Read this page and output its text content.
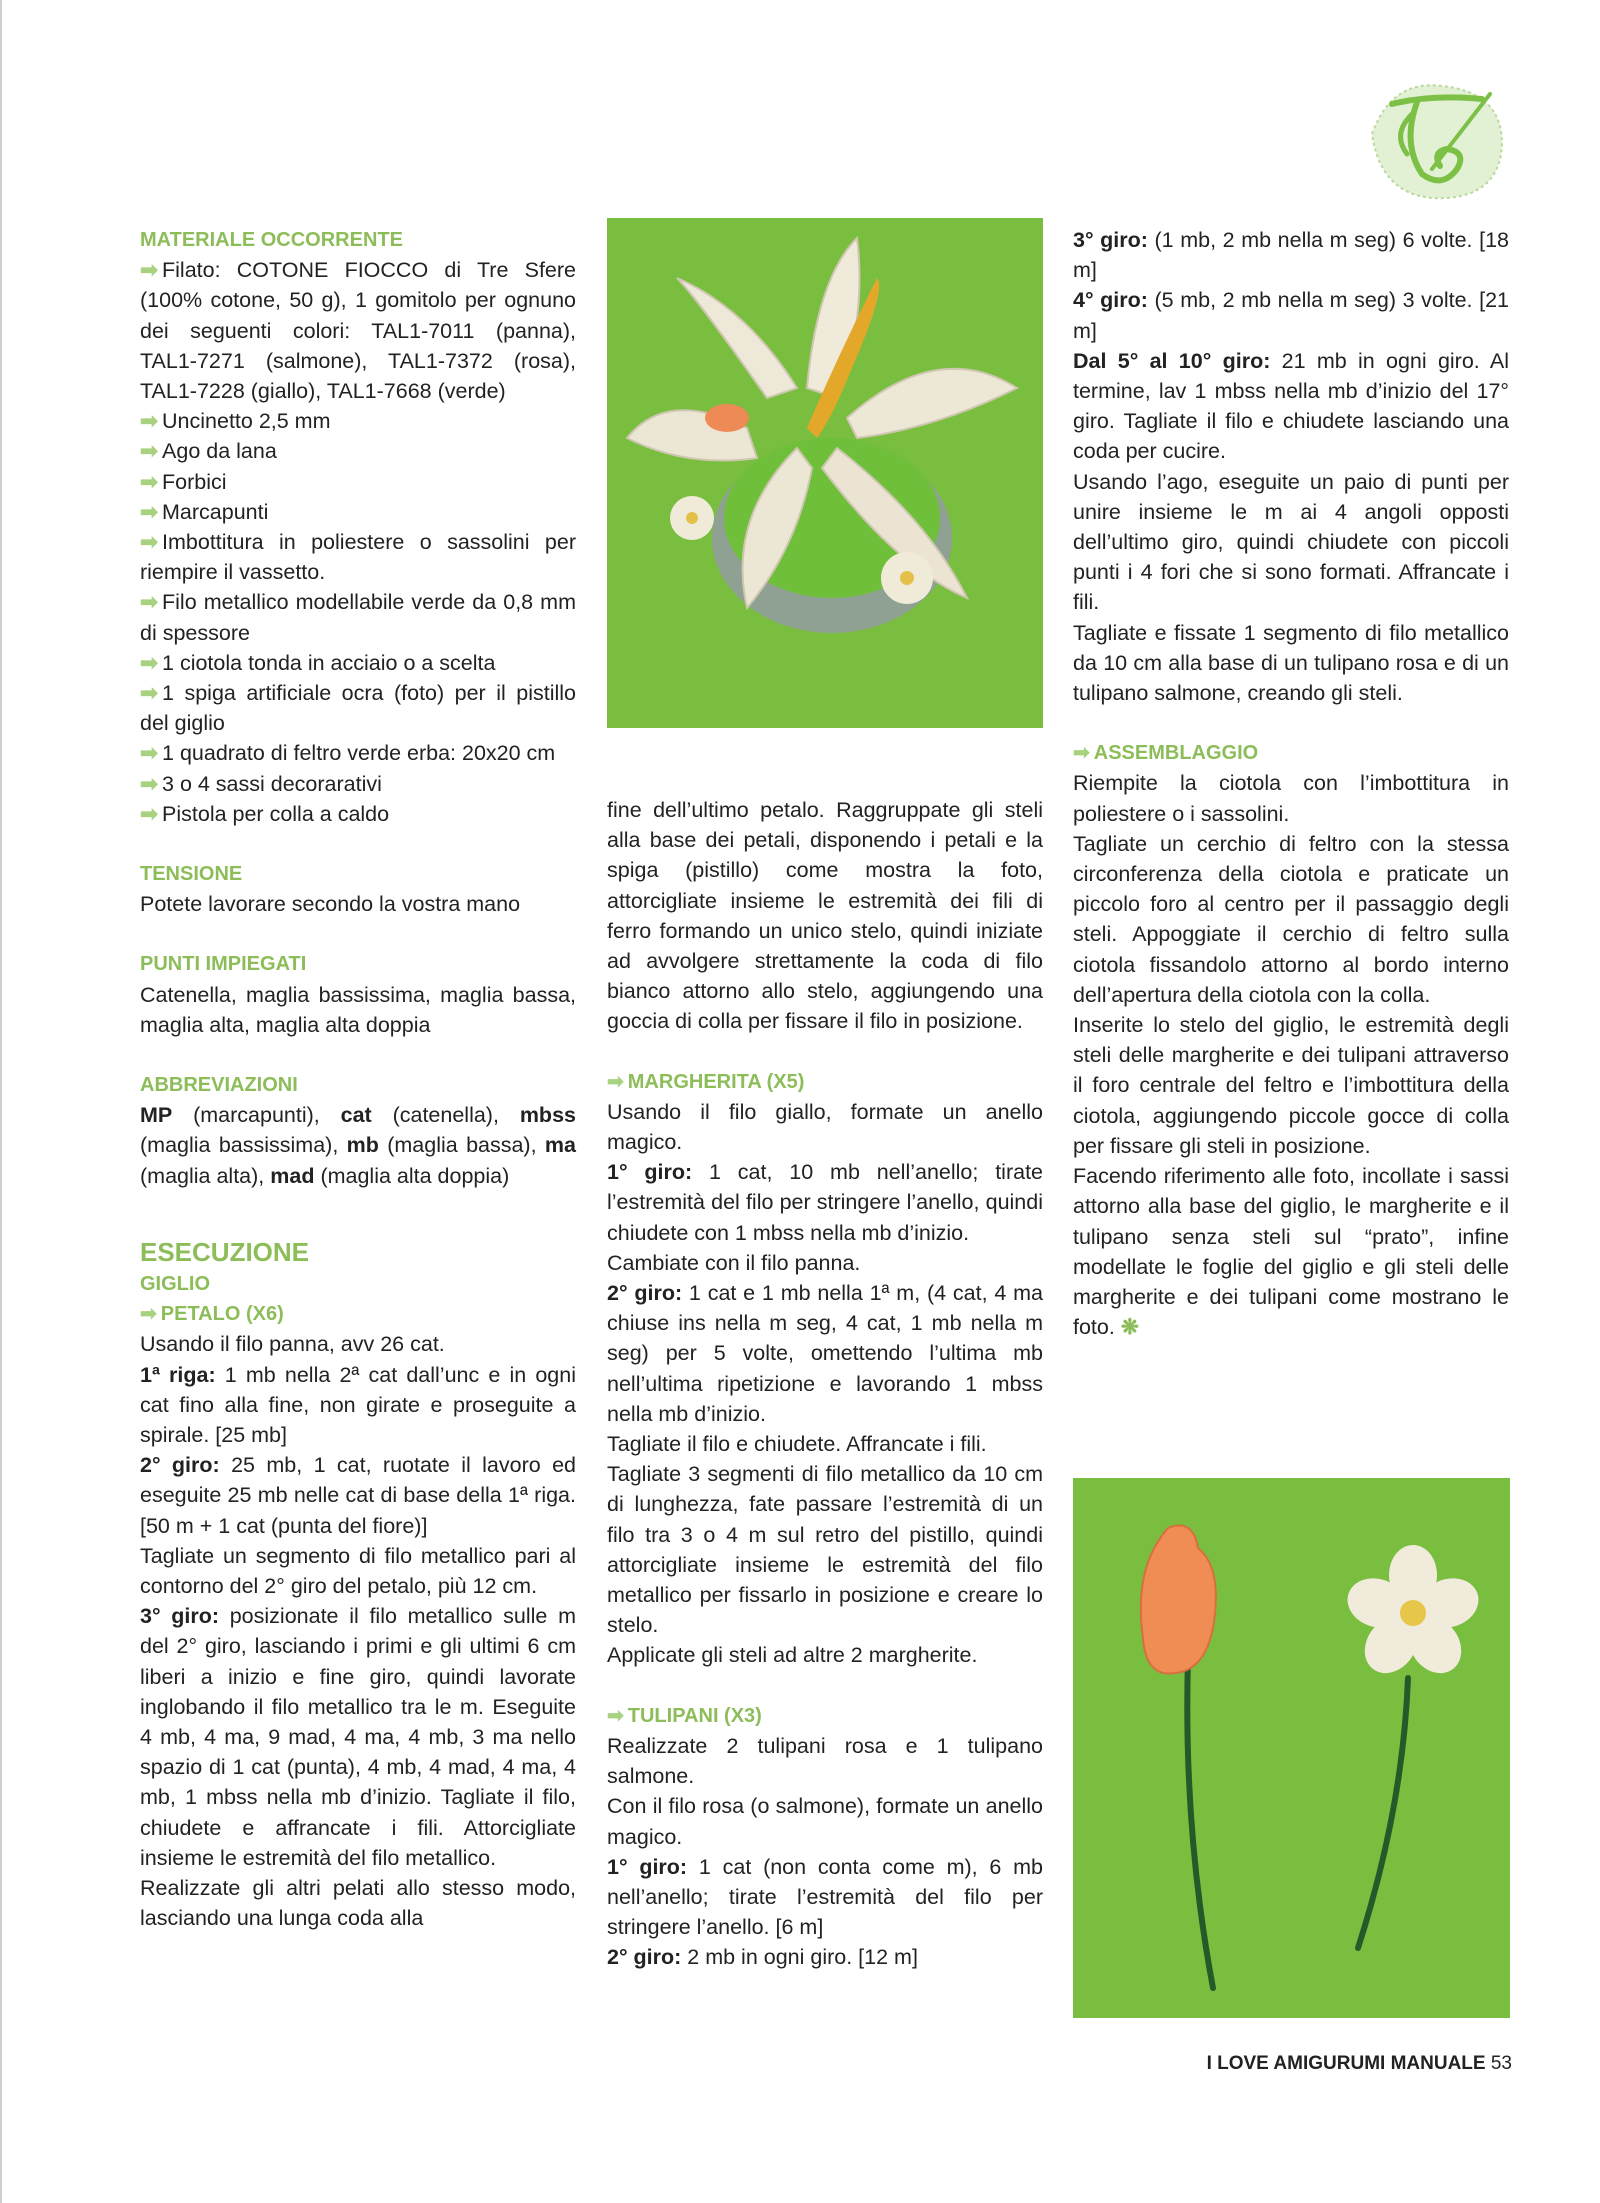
MATERIALE OCCORRENTE

➡ Filato: COTONE FIOCCO di Tre Sfere (100% cotone, 50 g), 1 gomitolo per ognuno dei seguenti colori: TAL1-7011 (panna), TAL1-7271 (salmone), TAL1-7372 (rosa), TAL1-7228 (giallo), TAL1-7668 (verde)

➡ Uncinetto 2,5 mm

➡ Ago da lana

➡ Forbici

➡ Marcapunti

➡ Imbottitura in poliestere o sassolini per riempire il vassetto.

➡ Filo metallico modellabile verde da 0,8 mm di spessore

➡ 1 ciotola tonda in acciaio o a scelta

➡ 1 spiga artificiale ocra (foto) per il pistillo del giglio

➡ 1 quadrato di feltro verde erba: 20x20 cm

➡ 3 o 4 sassi decorarativi

➡ Pistola per colla a caldo

TENSIONE

Potete lavorare secondo la vostra mano

PUNTI IMPIEGATI

Catenella, maglia bassissima, maglia bassa, maglia alta, maglia alta doppia

ABBREVIAZIONI

MP (marcapunti), cat (catenella), mbss (maglia bassissima), mb (maglia bassa), ma (maglia alta), mad (maglia alta doppia)

ESECUZIONE

GIGLIO

➡ PETALO (X6)

Usando il filo panna, avv 26 cat.

1ª riga: 1 mb nella 2ª cat dall’unc e in ogni cat fino alla fine, non girate e proseguite a spirale. [25 mb]

2° giro: 25 mb, 1 cat, ruotate il lavoro ed eseguite 25 mb nelle cat di base della 1ª riga. [50 m + 1 cat (punta del fiore)]

Tagliate un segmento di filo metallico pari al contorno del 2° giro del petalo, più 12 cm.

3° giro: posizionate il filo metallico sulle m del 2° giro, lasciando i primi e gli ultimi 6 cm liberi a inizio e fine giro, quindi lavorate inglobando il filo metallico tra le m. Eseguite 4 mb, 4 ma, 9 mad, 4 ma, 4 mb, 3 ma nello spazio di 1 cat (punta), 4 mb, 4 mad, 4 ma, 4 mb, 1 mbss nella mb d’inizio. Tagliate il filo, chiudete e affrancate i fili. Attorcigliate insieme le estremità del filo metallico.

Realizzate gli altri pelati allo stesso modo, lasciando una lunga coda alla

fine dell’ultimo petalo. Raggruppate gli steli alla base dei petali, disponendo i petali e la spiga (pistillo) come mostra la foto, attorcigliate insieme le estremità dei fili di ferro formando un unico stelo, quindi iniziate ad avvolgere strettamente la coda di filo bianco attorno allo stelo, aggiungendo una goccia di colla per fissare il filo in posizione.

➡ MARGHERITA (X5)

Usando il filo giallo, formate un anello magico.

1° giro: 1 cat, 10 mb nell’anello; tirate l’estremità del filo per stringere l’anello, quindi chiudete con 1 mbss nella mb d’inizio.

Cambiate con il filo panna.

2° giro: 1 cat e 1 mb nella 1ª m, (4 cat, 4 ma chiuse ins nella m seg, 4 cat, 1 mb nella m seg) per 5 volte, omettendo l’ultima mb nell’ultima ripetizione e lavorando 1 mbss nella mb d’inizio.

Tagliate il filo e chiudete. Affrancate i fili.

Tagliate 3 segmenti di filo metallico da 10 cm di lunghezza, fate passare l’estremità di un filo tra 3 o 4 m sul retro del pistillo, quindi attorcigliate insieme le estremità del filo metallico per fissarlo in posizione e creare lo stelo.

Applicate gli steli ad altre 2 margherite.

➡ TULIPANI (X3)

Realizzate 2 tulipani rosa e 1 tulipano salmone.

Con il filo rosa (o salmone), formate un anello magico.

1° giro: 1 cat (non conta come m), 6 mb nell’anello; tirate l’estremità del filo per stringere l’anello. [6 m]

2° giro: 2 mb in ogni giro. [12 m]

3° giro: (1 mb, 2 mb nella m seg) 6 volte. [18 m]

4° giro: (5 mb, 2 mb nella m seg) 3 volte. [21 m]

Dal 5° al 10° giro: 21 mb in ogni giro. Al termine, lav 1 mbss nella mb d’inizio del 17° giro. Tagliate il filo e chiudete lasciando una coda per cucire.

Usando l’ago, eseguite un paio di punti per unire insieme le m ai 4 angoli opposti dell’ultimo giro, quindi chiudete con piccoli punti i 4 fori che si sono formati. Affrancate i fili.

Tagliate e fissate 1 segmento di filo metallico da 10 cm alla base di un tulipano rosa e di un tulipano salmone, creando gli steli.

➡ ASSEMBLAGGIO

Riempite la ciotola con l’imbottitura in poliestere o i sassolini.

Tagliate un cerchio di feltro con la stessa circonferenza della ciotola e praticate un piccolo foro al centro per il passaggio degli steli. Appoggiate il cerchio di feltro sulla ciotola fissandolo attorno al bordo interno dell’apertura della ciotola con la colla.

Inserite lo stelo del giglio, le estremità degli steli delle margherite e dei tulipani attraverso il foro centrale del feltro e l’imbottitura della ciotola, aggiungendo piccole gocce di colla per fissare gli steli in posizione.

Facendo riferimento alle foto, incollate i sassi attorno alla base del giglio, le margherite e il tulipano senza steli sul “prato”, infine modellate le foglie del giglio e gli steli delle margherite e dei tulipani come mostrano le foto. ❋

I LOVE AMIGURUMI MANUALE 53
